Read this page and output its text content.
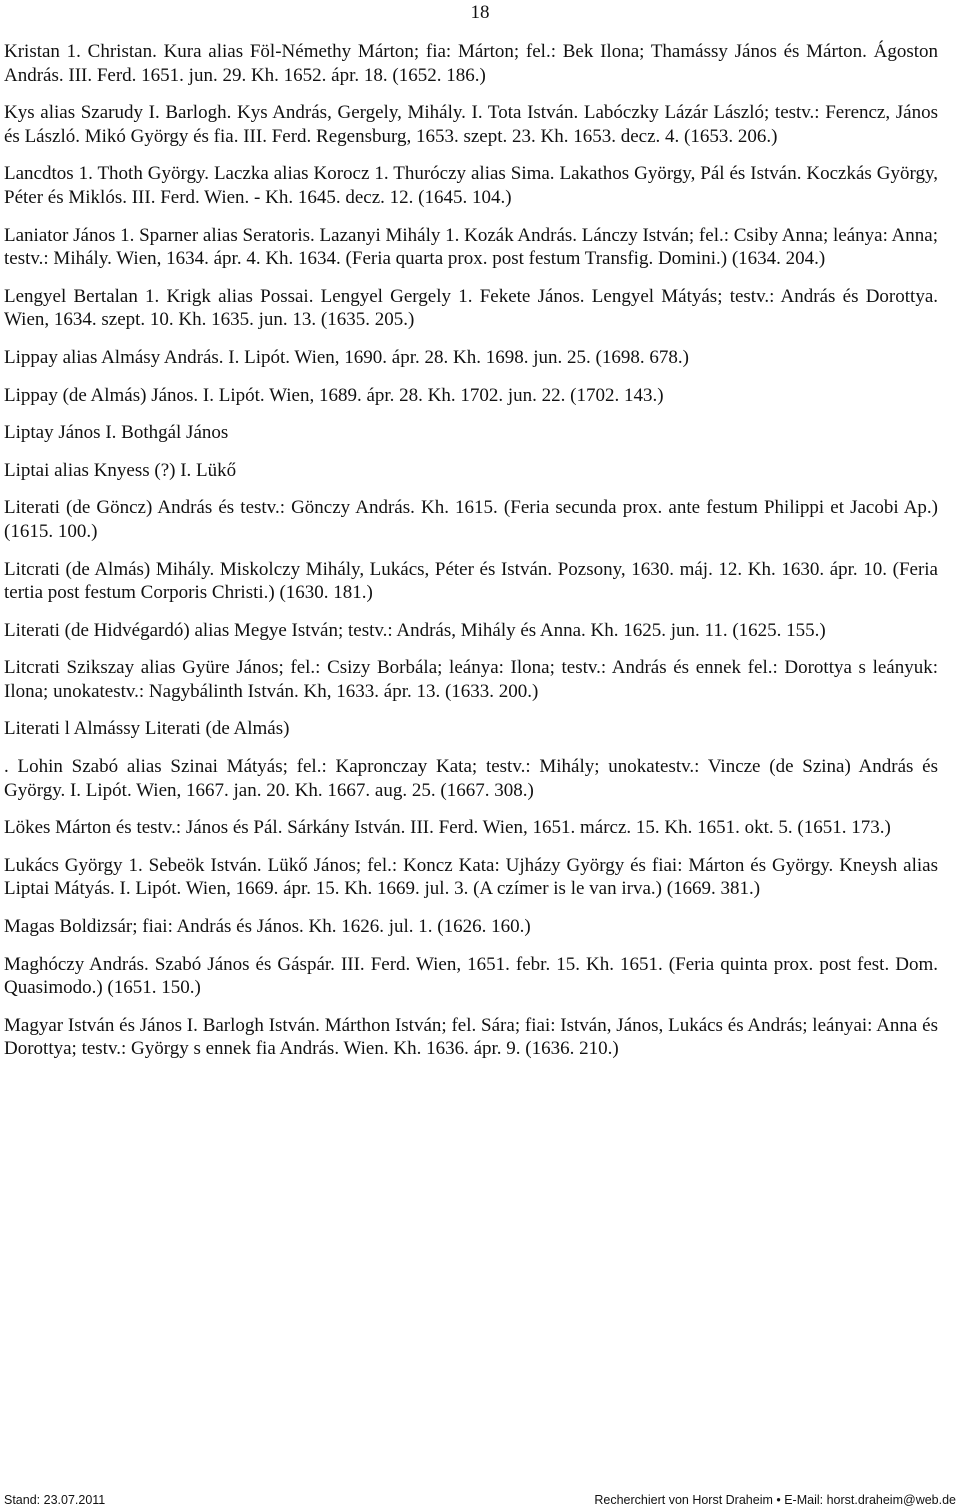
18

Kristan 1. Christan. Kura alias Föl-Némethy Márton; fia: Márton; fel.: Bek Ilona; Thamássy János és Márton. Ágoston András. III. Ferd. 1651. jun. 29. Kh. 1652. ápr. 18. (1652. 186.)

Kys alias Szarudy I. Barlogh. Kys András, Gergely, Mihály. I. Tota István. Labóczky Lázár László; testv.: Ferencz, János és László. Mikó György és fia. III. Ferd. Regensburg, 1653. szept. 23. Kh. 1653. decz. 4. (1653. 206.)

Lancdtos 1. Thoth György. Laczka alias Korocz 1. Thuróczy alias Sima. Lakathos György, Pál és István. Koczkás György, Péter és Miklós. III. Ferd. Wien. - Kh. 1645. decz. 12. (1645. 104.)

Laniator János 1. Sparner alias Seratoris. Lazanyi Mihály 1. Kozák András. Lánczy István; fel.: Csiby Anna; leánya: Anna; testv.: Mihály. Wien, 1634. ápr. 4. Kh. 1634. (Feria quarta prox. post festum Transfig. Domini.) (1634. 204.)

Lengyel Bertalan 1. Krigk alias Possai. Lengyel Gergely 1. Fekete János. Lengyel Mátyás; testv.: András és Dorottya. Wien, 1634. szept. 10. Kh. 1635. jun. 13. (1635. 205.)

Lippay alias Almásy András. I. Lipót. Wien, 1690. ápr. 28. Kh. 1698. jun. 25. (1698. 678.)

Lippay (de Almás) János. I. Lipót. Wien, 1689. ápr. 28. Kh. 1702. jun. 22. (1702. 143.)

Liptay János I. Bothgál János

Liptai alias Knyess (?) I. Lükő

Literati (de Göncz) András és testv.: Gönczy András. Kh. 1615. (Feria secunda prox. ante festum Philippi et Jacobi Ap.) (1615. 100.)

Litcrati (de Almás) Mihály. Miskolczy Mihály, Lukács, Péter és István. Pozsony, 1630. máj. 12. Kh. 1630. ápr. 10. (Feria tertia post festum Corporis Christi.) (1630. 181.)

Literati (de Hidvégardó) alias Megye István; testv.: András, Mihály és Anna. Kh. 1625. jun. 11. (1625. 155.)

Litcrati Szikszay alias Gyüre János; fel.: Csizy Borbála; leánya: Ilona; testv.: András és ennek fel.: Dorottya s leányuk: Ilona; unokatestv.: Nagybálinth István. Kh, 1633. ápr. 13. (1633. 200.)

Literati l Almássy Literati (de Almás)

. Lohin Szabó alias Szinai Mátyás; fel.: Kapronczay Kata; testv.: Mihály; unokatestv.: Vincze (de Szina) András és György. I. Lipót. Wien, 1667. jan. 20. Kh. 1667. aug. 25. (1667. 308.)

Lökes Márton és testv.: János és Pál. Sárkány István. III. Ferd. Wien, 1651. márcz. 15. Kh. 1651. okt. 5. (1651. 173.)

Lukács György 1. Sebeök István. Lükő János; fel.: Koncz Kata: Ujházy György és fiai: Márton és György. Kneysh alias Liptai Mátyás. I. Lipót. Wien, 1669. ápr. 15. Kh. 1669. jul. 3. (A czímer is le van irva.) (1669. 381.)

Magas Boldizsár; fiai: András és János. Kh. 1626. jul. 1. (1626. 160.)

Maghóczy András. Szabó János és Gáspár. III. Ferd. Wien, 1651. febr. 15. Kh. 1651. (Feria quinta prox. post fest. Dom. Quasimodo.) (1651. 150.)

Magyar István és János I. Barlogh István. Márthon István; fel. Sára; fiai: István, János, Lukács és András; leányai: Anna és Dorottya; testv.: György s ennek fia András. Wien. Kh. 1636. ápr. 9. (1636. 210.)

Stand: 23.07.2011	Recherchiert von Horst Draheim • E-Mail: horst.draheim@web.de
